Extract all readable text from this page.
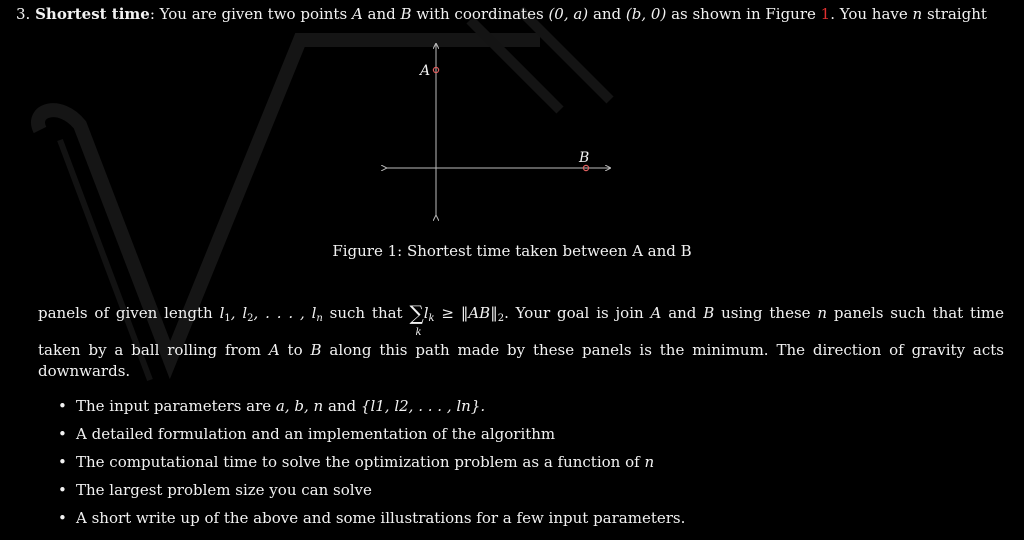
3. Shortest time: You are given two points A and B with coordinates (0, a) and (b, 0) as shown in Figure 1. You have n straight
A
B
Figure 1: Shortest time taken between A and B
panels of given length $l_1$, $l_2$, . . . , $l_n$ such that ∑
k
$l_k$ ≥ $‖AB‖_2$. Your goal is join A and B using these n panels such that time
taken by a ball rolling from A to B along this path made by these panels is the minimum. The direction of gravity acts
downwards.
• The input parameters are a, b, n and {l1, l2, . . . , ln}.
• A detailed formulation and an implementation of the algorithm
• The computational time to solve the optimization problem as a function of n
• The largest problem size you can solve
• A short write up of the above and some illustrations for a few input parameters.
